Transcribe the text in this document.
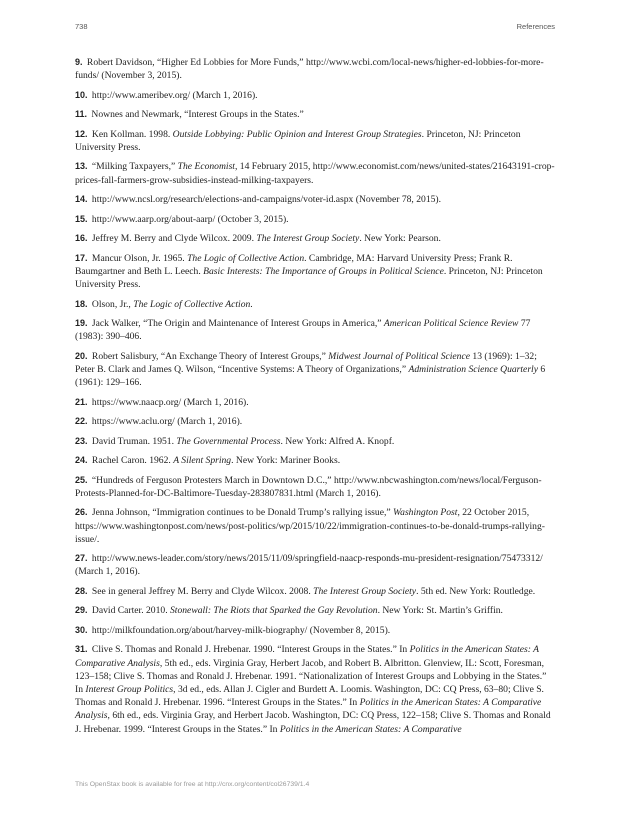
738	References

9. Robert Davidson, “Higher Ed Lobbies for More Funds,” http://www.wcbi.com/local-news/higher-ed-lobbies-for-more-funds/ (November 3, 2015).

10. http://www.ameribev.org/ (March 1, 2016).

11. Nownes and Newmark, “Interest Groups in the States.”

12. Ken Kollman. 1998. Outside Lobbying: Public Opinion and Interest Group Strategies. Princeton, NJ: Princeton University Press.

13. “Milking Taxpayers,” The Economist, 14 February 2015, http://www.economist.com/news/united-states/21643191-crop-prices-fall-farmers-grow-subsidies-instead-milking-taxpayers.

14. http://www.ncsl.org/research/elections-and-campaigns/voter-id.aspx (November 78, 2015).

15. http://www.aarp.org/about-aarp/ (October 3, 2015).

16. Jeffrey M. Berry and Clyde Wilcox. 2009. The Interest Group Society. New York: Pearson.

17. Mancur Olson, Jr. 1965. The Logic of Collective Action. Cambridge, MA: Harvard University Press; Frank R. Baumgartner and Beth L. Leech. Basic Interests: The Importance of Groups in Political Science. Princeton, NJ: Princeton University Press.

18. Olson, Jr., The Logic of Collective Action.

19. Jack Walker, “The Origin and Maintenance of Interest Groups in America,” American Political Science Review 77 (1983): 390–406.

20. Robert Salisbury, “An Exchange Theory of Interest Groups,” Midwest Journal of Political Science 13 (1969): 1–32; Peter B. Clark and James Q. Wilson, “Incentive Systems: A Theory of Organizations,” Administration Science Quarterly 6 (1961): 129–166.

21. https://www.naacp.org/ (March 1, 2016).

22. https://www.aclu.org/ (March 1, 2016).

23. David Truman. 1951. The Governmental Process. New York: Alfred A. Knopf.

24. Rachel Caron. 1962. A Silent Spring. New York: Mariner Books.

25. “Hundreds of Ferguson Protesters March in Downtown D.C.,” http://www.nbcwashington.com/news/local/Ferguson-Protests-Planned-for-DC-Baltimore-Tuesday-283807831.html (March 1, 2016).

26. Jenna Johnson, “Immigration continues to be Donald Trump’s rallying issue,” Washington Post, 22 October 2015, https://www.washingtonpost.com/news/post-politics/wp/2015/10/22/immigration-continues-to-be-donald-trumps-rallying-issue/.

27. http://www.news-leader.com/story/news/2015/11/09/springfield-naacp-responds-mu-president-resignation/75473312/ (March 1, 2016).

28. See in general Jeffrey M. Berry and Clyde Wilcox. 2008. The Interest Group Society. 5th ed. New York: Routledge.

29. David Carter. 2010. Stonewall: The Riots that Sparked the Gay Revolution. New York: St. Martin’s Griffin.

30. http://milkfoundation.org/about/harvey-milk-biography/ (November 8, 2015).

31. Clive S. Thomas and Ronald J. Hrebenar. 1990. “Interest Groups in the States.” In Politics in the American States: A Comparative Analysis, 5th ed., eds. Virginia Gray, Herbert Jacob, and Robert B. Albritton. Glenview, IL: Scott, Foresman, 123–158; Clive S. Thomas and Ronald J. Hrebenar. 1991. “Nationalization of Interest Groups and Lobbying in the States.” In Interest Group Politics, 3d ed., eds. Allan J. Cigler and Burdett A. Loomis. Washington, DC: CQ Press, 63–80; Clive S. Thomas and Ronald J. Hrebenar. 1996. “Interest Groups in the States.” In Politics in the American States: A Comparative Analysis, 6th ed., eds. Virginia Gray, and Herbert Jacob. Washington, DC: CQ Press, 122–158; Clive S. Thomas and Ronald J. Hrebenar. 1999. “Interest Groups in the States.” In Politics in the American States: A Comparative

This OpenStax book is available for free at http://cnx.org/content/col26739/1.4
